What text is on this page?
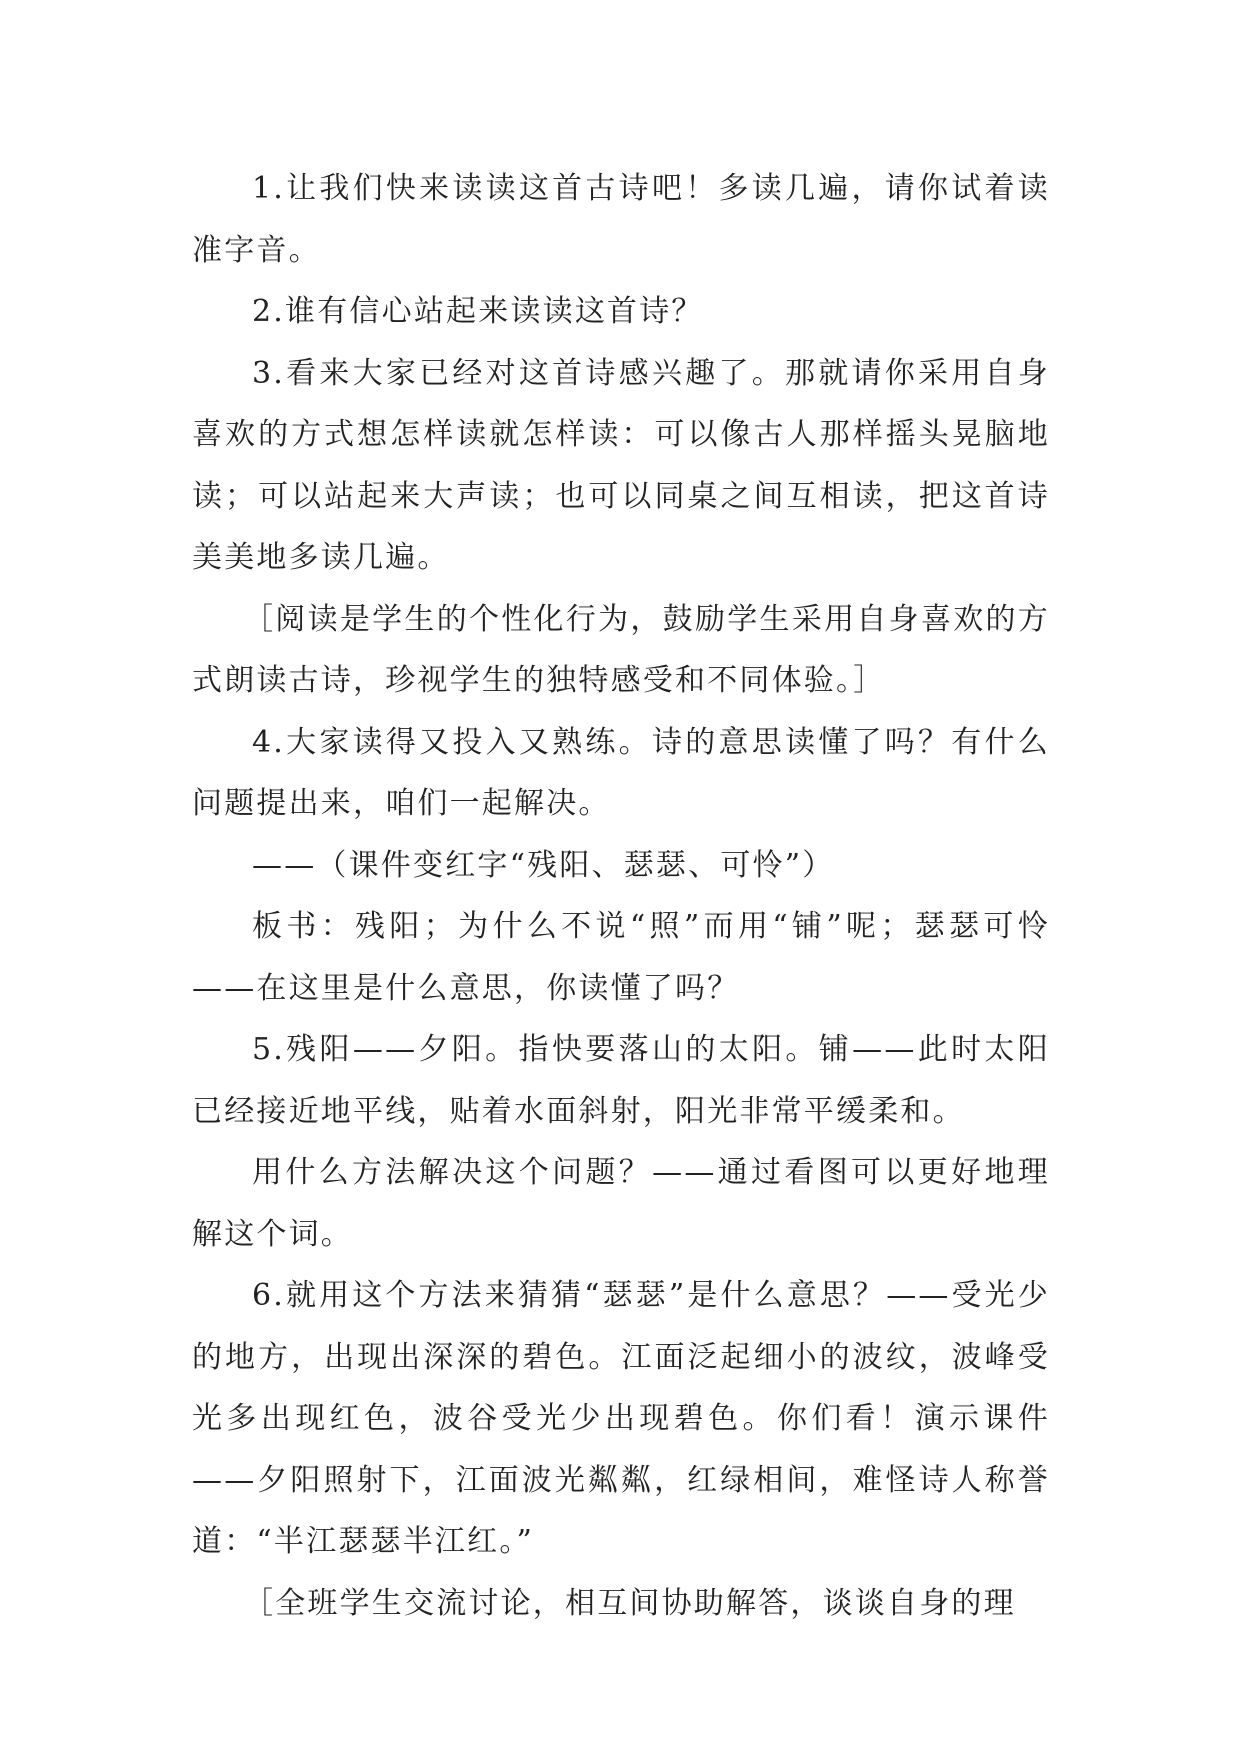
1.让我们快来读读这首古诗吧！多读几遍，请你试着读准字音。

2.谁有信心站起来读读这首诗？

3.看来大家已经对这首诗感兴趣了。那就请你采用自身喜欢的方式想怎样读就怎样读：可以像古人那样摇头晃脑地读；可以站起来大声读；也可以同桌之间互相读，把这首诗美美地多读几遍。

［阅读是学生的个性化行为，鼓励学生采用自身喜欢的方式朗读古诗，珍视学生的独特感受和不同体验。］

4.大家读得又投入又熟练。诗的意思读懂了吗？有什么问题提出来，咱们一起解决。

——（课件变红字“残阳、瑟瑟、可怜”）

板书：残阳；为什么不说“照”而用“铺”呢；瑟瑟可怜——在这里是什么意思，你读懂了吗？

5.残阳——夕阳。指快要落山的太阳。铺——此时太阳已经接近地平线，贴着水面斜射，阳光非常平缓柔和。

用什么方法解决这个问题？——通过看图可以更好地理解这个词。

6.就用这个方法来猜猜“瑟瑟”是什么意思？——受光少的地方，出现出深深的碧色。江面泛起细小的波纹，波峰受光多出现红色，波谷受光少出现碧色。你们看！演示课件——夕阳照射下，江面波光粼粼，红绿相间，难怪诗人称誉道：“半江瑟瑟半江红。”

［全班学生交流讨论，相互间协助解答，谈谈自身的理
